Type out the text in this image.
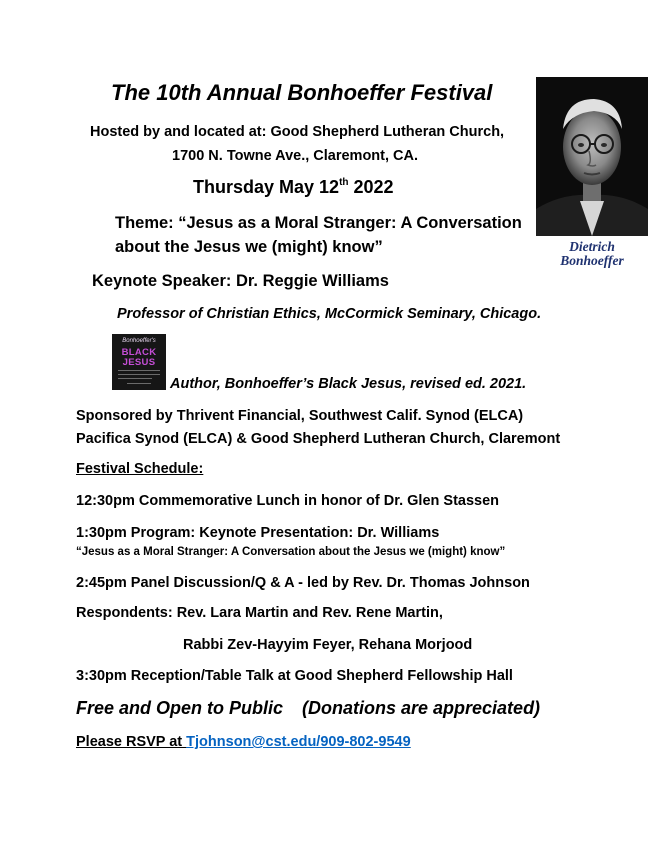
The 10th Annual Bonhoeffer Festival
Hosted by and located at: Good Shepherd Lutheran Church,
1700 N. Towne Ave., Claremont, CA.
Thursday May 12th 2022
Theme: “Jesus as a Moral Stranger: A Conversation
about the Jesus we (might) know”
Keynote Speaker: Dr. Reggie Williams
Professor of Christian Ethics, McCormick Seminary, Chicago.
Bonhoeffer's
BLACK
JESUS
Author, Bonhoeffer’s Black Jesus, revised ed. 2021.
Sponsored by Thrivent Financial, Southwest Calif. Synod (ELCA)
Pacifica Synod (ELCA) & Good Shepherd Lutheran Church, Claremont
Festival Schedule:
12:30pm Commemorative Lunch in honor of Dr. Glen Stassen
1:30pm Program: Keynote Presentation: Dr. Williams
“Jesus as a Moral Stranger: A Conversation about the Jesus we (might) know”
2:45pm Panel Discussion/Q & A - led by Rev. Dr. Thomas Johnson
Respondents: Rev. Lara Martin and Rev. Rene Martin,
Rabbi Zev-Hayyim Feyer, Rehana Morjood
3:30pm Reception/Table Talk at Good Shepherd Fellowship Hall
Free and Open to Public (Donations are appreciated)
Please RSVP at Tjohnson@cst.edu/909-802-9549
Dietrich Bonhoeffer
